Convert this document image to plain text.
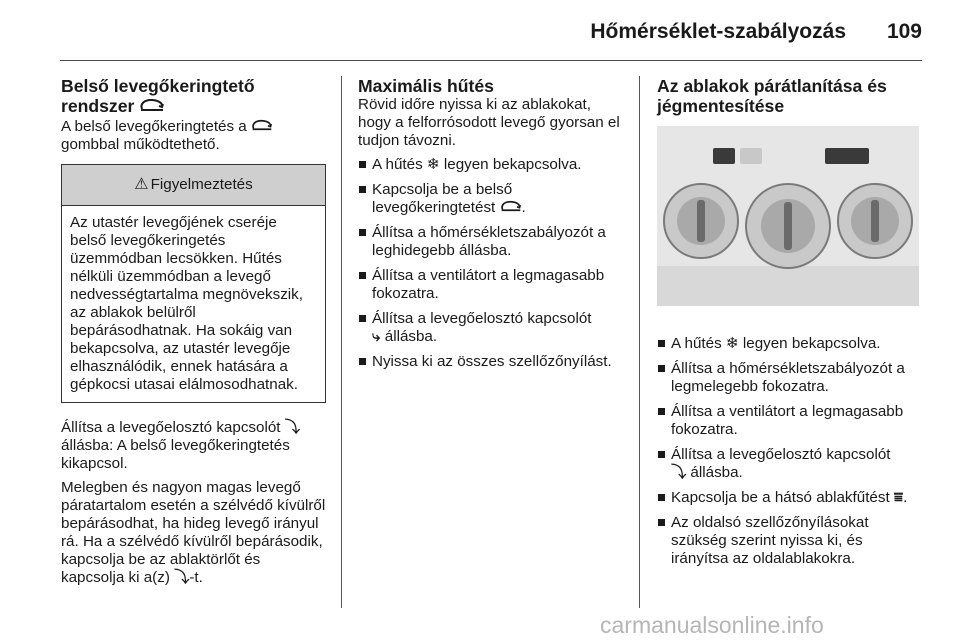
Hőmérséklet-szabályozás 109
Belső levegőkeringtető
rendszer

A belső levegőkeringtetés a
gombbal működtethető.

⚠ Figyelmeztetés
Az utastér levegőjének cseréje belső levegőkeringetés üzemmódban lecsökken. Hűtés nélküli üzemmódban a levegő nedvességtartalma megnövekszik, az ablakok belülről bepárásodhatnak. Ha sokáig van bekapcsolva, az utastér levegője elhasználódik, ennek hatására a gépkocsi utasai elálmosodhatnak.

Állítsa a levegőelosztó kapcsolót ⤵ állásba: A belső levegőkeringtetés kikapcsol.

Melegben és nagyon magas levegő páratartalom esetén a szélvédő kívülről bepárásodhat, ha hideg levegő irányul rá. Ha a szélvédő kívülről bepárásodik, kapcsolja be az ablaktörlőt és kapcsolja ki a(z) ⤵-t.

Maximális hűtés

Rövid időre nyissa ki az ablakokat, hogy a felforrósodott levegő gyorsan el tudjon távozni.

A hűtés ❄ legyen bekapcsolva.
Kapcsolja be a belső levegőkeringtetést .
Állítsa a hőmérsékletszabályozót a leghidegebb állásba.
Állítsa a ventilátort a legmagasabb fokozatra.
Állítsa a levegőelosztó kapcsolót
⤷ állásba.
Nyissa ki az összes szellőzőnyílást.
Az ablakok párátlanítása és jégmentesítése
A hűtés ❄ legyen bekapcsolva.
Állítsa a hőmérsékletszabályozót a legmelegebb fokozatra.
Állítsa a ventilátort a legmagasabb fokozatra.
Állítsa a levegőelosztó kapcsolót
⤵ állásba.
Kapcsolja be a hátsó ablakfűtést ⩸.
Az oldalsó szellőzőnyílásokat szükség szerint nyissa ki, és irányítsa az oldalablakokra.
carmanualsonline.info
